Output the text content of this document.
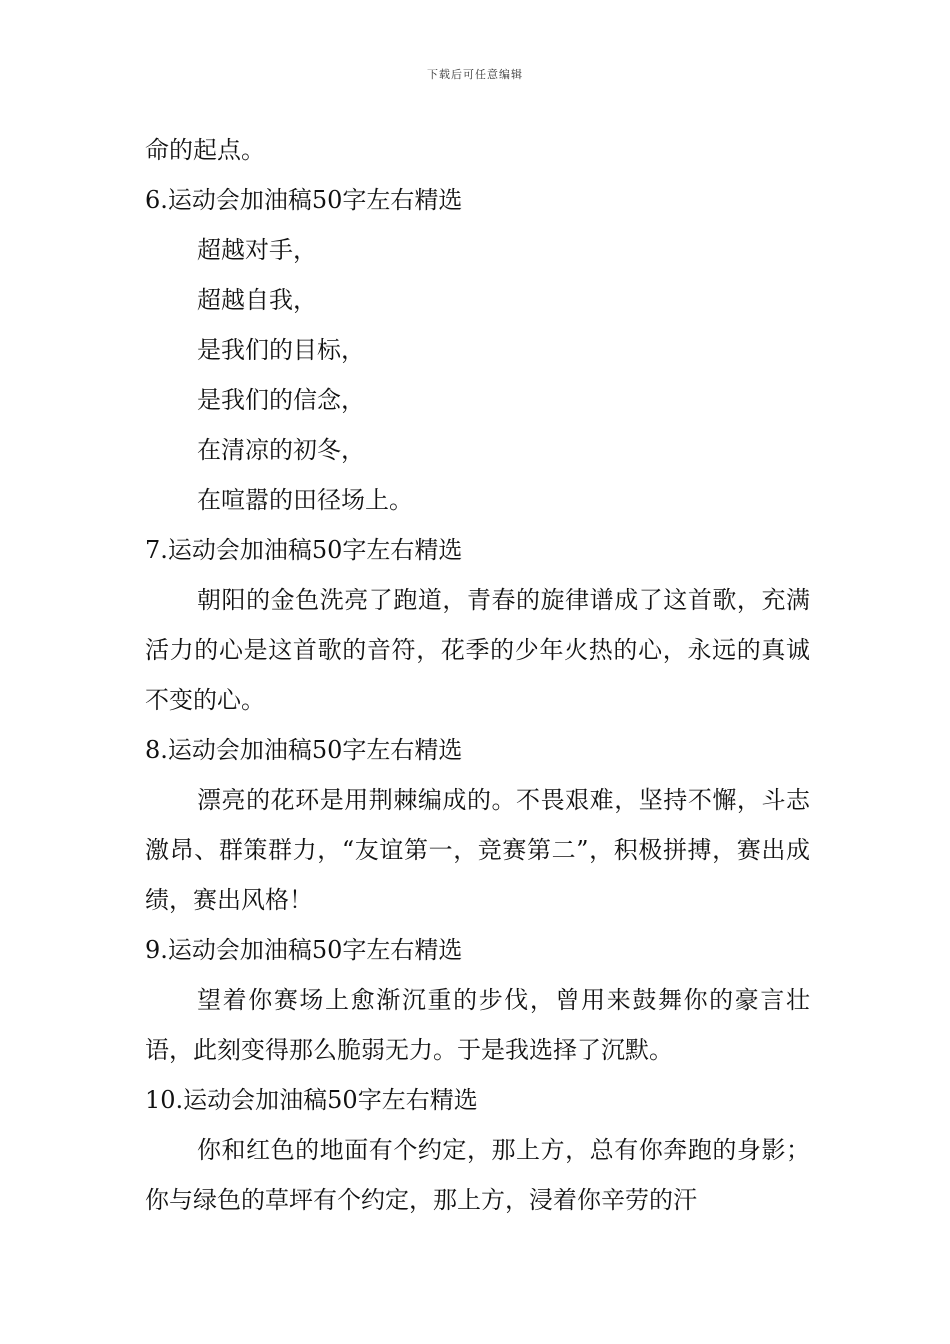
下载后可任意编辑

命的起点。

6.运动会加油稿50字左右精选

超越对手，

超越自我，

是我们的目标，

是我们的信念，

在清凉的初冬，

在喧嚣的田径场上。

7.运动会加油稿50字左右精选

朝阳的金色洗亮了跑道，青春的旋律谱成了这首歌，充满活力的心是这首歌的音符，花季的少年火热的心，永远的真诚不变的心。

8.运动会加油稿50字左右精选

漂亮的花环是用荆棘编成的。不畏艰难，坚持不懈，斗志激昂、群策群力，“友谊第一，竞赛第二”，积极拼搏，赛出成绩，赛出风格！

9.运动会加油稿50字左右精选

望着你赛场上愈渐沉重的步伐，曾用来鼓舞你的豪言壮语，此刻变得那么脆弱无力。于是我选择了沉默。

10.运动会加油稿50字左右精选

你和红色的地面有个约定，那上方，总有你奔跑的身影；你与绿色的草坪有个约定，那上方，浸着你辛劳的汗
